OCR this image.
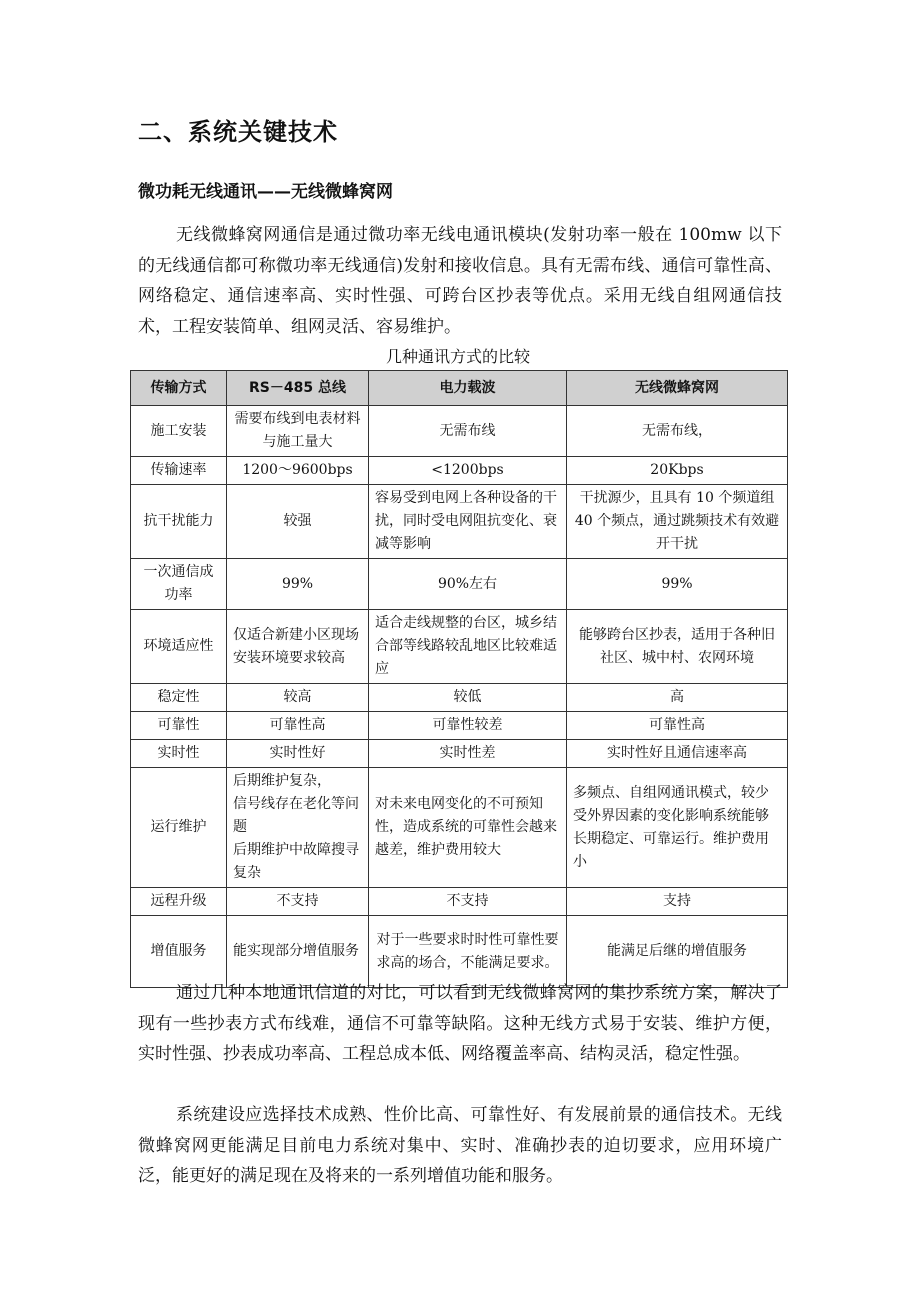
二、系统关键技术
微功耗无线通讯——无线微蜂窝网

无线微蜂窝网通信是通过微功率无线电通讯模块(发射功率一般在 100mw 以下的无线通信都可称微功率无线通信)发射和接收信息。具有无需布线、通信可靠性高、网络稳定、通信速率高、实时性强、可跨台区抄表等优点。采用无线自组网通信技术，工程安装简单、组网灵活、容易维护。

几种通讯方式的比较

传输方式	RS－485 总线	电力载波	无线微蜂窝网
施工安装	需要布线到电表材料与施工量大	无需布线	无需布线，
传输速率	1200～9600bps	<1200bps	20Kbps
抗干扰能力	较强	容易受到电网上各种设备的干扰，同时受电网阻抗变化、衰减等影响	干扰源少，且具有 10 个频道组 40 个频点，通过跳频技术有效避开干扰
一次通信成功率	99%	90%左右	99%
环境适应性	仅适合新建小区现场安装环境要求较高	适合走线规整的台区，城乡结合部等线路较乱地区比较难适应	能够跨台区抄表，适用于各种旧社区、城中村、农网环境
稳定性	较高	较低	高
可靠性	可靠性高	可靠性较差	可靠性高
实时性	实时性好	实时性差	实时性好且通信速率高
运行维护	后期维护复杂，
信号线存在老化等问题
后期维护中故障搜寻复杂	对未来电网变化的不可预知性，造成系统的可靠性会越来越差，维护费用较大	多频点、自组网通讯模式，较少受外界因素的变化影响系统能够长期稳定、可靠运行。维护费用小
远程升级	不支持	不支持	支持
增值服务	能实现部分增值服务	对于一些要求时时性可靠性要求高的场合，不能满足要求。	能满足后继的增值服务

通过几种本地通讯信道的对比，可以看到无线微蜂窝网的集抄系统方案，解决了现有一些抄表方式布线难，通信不可靠等缺陷。这种无线方式易于安装、维护方便，实时性强、抄表成功率高、工程总成本低、网络覆盖率高、结构灵活，稳定性强。

系统建设应选择技术成熟、性价比高、可靠性好、有发展前景的通信技术。无线微蜂窝网更能满足目前电力系统对集中、实时、准确抄表的迫切要求，应用环境广泛，能更好的满足现在及将来的一系列增值功能和服务。
